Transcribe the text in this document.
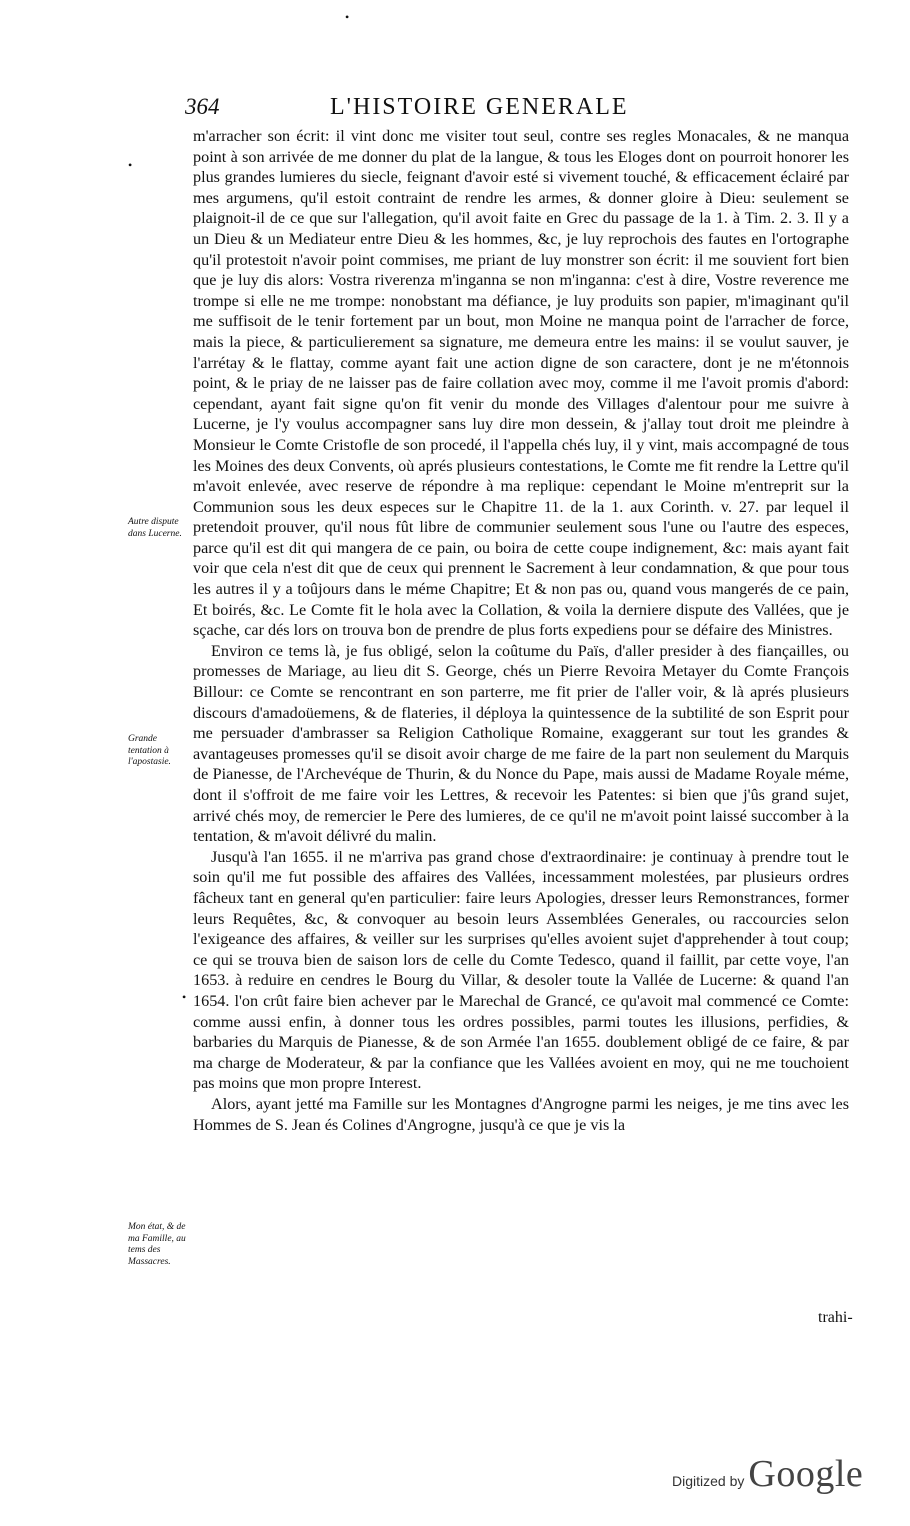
364	L'HISTOIRE GENERALE
•
•
•

m'arracher son écrit: il vint donc me visiter tout seul, contre ses regles Monacales, & ne manqua point à son arrivée de me donner du plat de la langue, & tous les Eloges dont on pourroit honorer les plus grandes lumieres du siecle, feignant d'avoir esté si vivement touché, & efficacement éclairé par mes argumens, qu'il estoit contraint de rendre les armes, & donner gloire à Dieu: seulement se plaignoit-il de ce que sur l'allegation, qu'il avoit faite en Grec du passage de la 1. à Tim. 2. 3. Il y a un Dieu & un Mediateur entre Dieu & les hommes, &c, je luy reprochois des fautes en l'ortographe qu'il protestoit n'avoir point commises, me priant de luy monstrer son écrit: il me souvient fort bien que je luy dis alors: Vostra riverenza m'inganna se non m'inganna: c'est à dire, Vostre reverence me trompe si elle ne me trompe: nonobstant ma défiance, je luy produits son papier, m'imaginant qu'il me suffisoit de le tenir fortement par un bout, mon Moine ne manqua point de l'arracher de force, mais la piece, & particulierement sa signature, me demeura entre les mains: il se voulut sauver, je l'arrétay & le flattay, comme ayant fait une action digne de son caractere, dont je ne m'étonnois point, & le priay de ne laisser pas de faire collation avec moy, comme il me l'avoit promis d'abord: cependant, ayant fait signe qu'on fit venir du monde des Villages d'alentour pour me suivre à Lucerne, je l'y voulus accompagner sans luy dire mon dessein, & j'allay tout droit me pleindre à Monsieur le Comte Cristofle de son procedé, il l'appella chés luy, il y vint, mais accompagné de tous les Moines des deux Convents, où aprés plusieurs contestations, le Comte me fit rendre la Lettre qu'il m'avoit enlevée, avec reserve de répondre à ma replique: cependant le Moine m'entreprit sur la Communion sous les deux especes sur le Chapitre 11. de la 1. aux Corinth. v. 27. par lequel il pretendoit prouver, qu'il nous fût libre de communier seulement sous l'une ou l'autre des especes, parce qu'il est dit qui mangera de ce pain, ou boira de cette coupe indignement, &c: mais ayant fait voir que cela n'est dit que de ceux qui prennent le Sacrement à leur condamnation, & que pour tous les autres il y a toûjours dans le méme Chapitre; Et & non pas ou, quand vous mangerés de ce pain, Et boirés, &c. Le Comte fit le hola avec la Collation, & voila la derniere dispute des Vallées, que je sçache, car dés lors on trouva bon de prendre de plus forts expediens pour se défaire des Ministres.

Environ ce tems là, je fus obligé, selon la coûtume du Païs, d'aller presider à des fiançailles, ou promesses de Mariage, au lieu dit S. George, chés un Pierre Revoira Metayer du Comte François Billour: ce Comte se rencontrant en son parterre, me fit prier de l'aller voir, & là aprés plusieurs discours d'amadoüemens, & de flateries, il déploya la quintessence de la subtilité de son Esprit pour me persuader d'ambrasser sa Religion Catholique Romaine, exaggerant sur tout les grandes & avantageuses promesses qu'il se disoit avoir charge de me faire de la part non seulement du Marquis de Pianesse, de l'Archevéque de Thurin, & du Nonce du Pape, mais aussi de Madame Royale méme, dont il s'offroit de me faire voir les Lettres, & recevoir les Patentes: si bien que j'ûs grand sujet, arrivé chés moy, de remercier le Pere des lumieres, de ce qu'il ne m'avoit point laissé succomber à la tentation, & m'avoit délivré du malin.

Jusqu'à l'an 1655. il ne m'arriva pas grand chose d'extraordinaire: je continuay à prendre tout le soin qu'il me fut possible des affaires des Vallées, incessamment molestées, par plusieurs ordres fâcheux tant en general qu'en particulier: faire leurs Apologies, dresser leurs Remonstrances, former leurs Requêtes, &c, & convoquer au besoin leurs Assemblées Generales, ou raccourcies selon l'exigeance des affaires, & veiller sur les surprises qu'elles avoient sujet d'apprehender à tout coup; ce qui se trouva bien de saison lors de celle du Comte Tedesco, quand il faillit, par cette voye, l'an 1653. à reduire en cendres le Bourg du Villar, & desoler toute la Vallée de Lucerne: & quand l'an 1654. l'on crût faire bien achever par le Marechal de Grancé, ce qu'avoit mal commencé ce Comte: comme aussi enfin, à donner tous les ordres possibles, parmi toutes les illusions, perfidies, & barbaries du Marquis de Pianesse, & de son Armée l'an 1655. doublement obligé de ce faire, & par ma charge de Moderateur, & par la confiance que les Vallées avoient en moy, qui ne me touchoient pas moins que mon propre Interest.

Alors, ayant jetté ma Famille sur les Montagnes d'Angrogne parmi les neiges, je me tins avec les Hommes de S. Jean és Colines d'Angrogne, jusqu'à ce que je vis la

Autre dispute dans Lucerne.
Grande tentation à l'apostasie.
Mon état, & de ma Famille, au tems des Massacres.
trahi-
Digitized by Google
